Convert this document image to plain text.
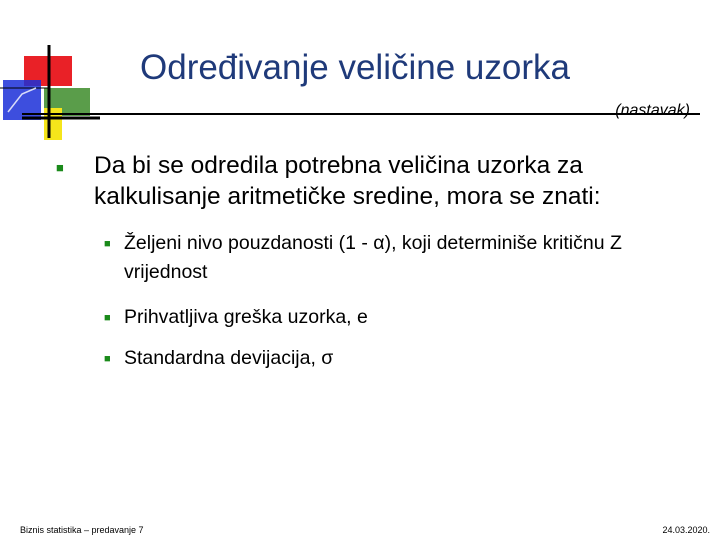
Određivanje veličine uzorka
(nastavak)
■	Da bi se odredila potrebna veličina uzorka za kalkulisanje aritmetičke sredine, mora se znati:
■ Željeni nivo pouzdanosti (1 - α), koji determiniše kritičnu Z vrijednost
■ Prihvatljiva greška uzorka, e
■ Standardna devijacija, σ
Biznis statistika – predavanje 7	24.03.2020.
